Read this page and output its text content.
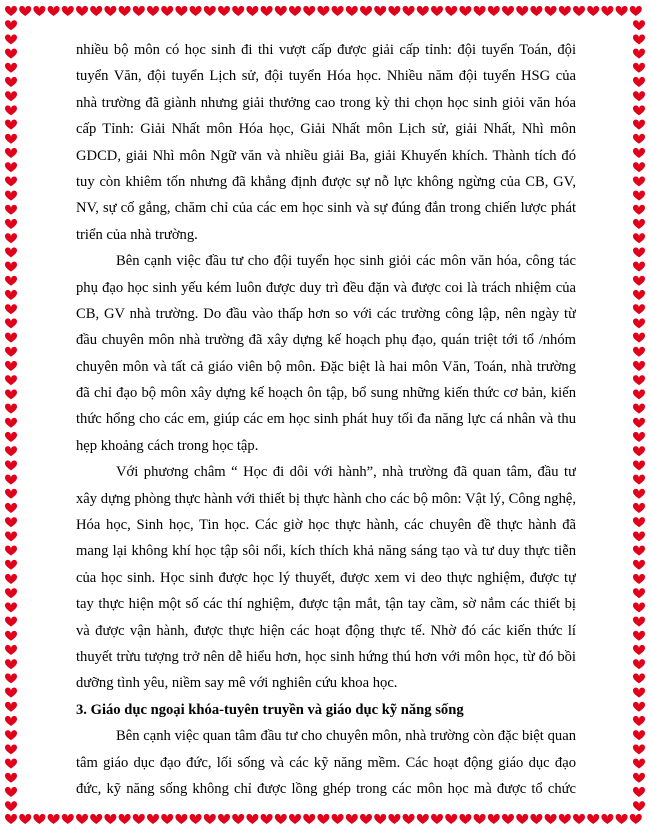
nhiều bộ môn có học sinh đi thi vượt cấp được giải cấp tỉnh: đội tuyển Toán, đội
tuyển Văn, đội tuyển Lịch sử, đội tuyển Hóa học. Nhiều năm đội tuyển HSG của
nhà trường đã giành nhưng giải thưởng cao trong kỳ thi chọn học sinh giỏi văn hóa
cấp Tỉnh: Giải Nhất môn Hóa học, Giải Nhất môn Lịch sử, giải Nhất, Nhì môn
GDCD, giải Nhì môn Ngữ văn và nhiều giải Ba, giải Khuyến khích. Thành tích đó
tuy còn khiêm tốn nhưng đã khẳng định được sự nỗ lực không ngừng của CB, GV,
NV, sự cố gắng, chăm chỉ của các em học sinh và sự đúng đắn trong chiến lược phát
triển của nhà trường.
Bên cạnh việc đầu tư cho đội tuyển học sinh giỏi các môn văn hóa, công tác
phụ đạo học sinh yếu kém luôn được duy trì đều đặn và được coi là trách nhiệm của
CB, GV nhà trường. Do đầu vào thấp hơn so với các trường công lập, nên ngày từ
đầu chuyên môn nhà trường đã xây dựng kế hoạch phụ đạo, quán triệt tới tổ /nhóm
chuyên môn và tất cả giáo viên bộ môn. Đặc biệt là hai môn Văn, Toán, nhà trường
đã chỉ đạo bộ môn xây dựng kế hoạch ôn tập, bổ sung những kiến thức cơ bản, kiến
thức hổng cho các em, giúp các em học sinh phát huy tối đa năng lực cá nhân và thu
hẹp khoảng cách trong học tập.
Với phương châm “ Học đi dôi với hành”, nhà trường đã quan tâm, đầu tư
xây dựng phòng thực hành với thiết bị thực hành cho các bộ môn: Vật lý, Công nghệ,
Hóa học, Sinh học, Tin học. Các giờ học thực hành, các chuyên đề thực hành đã
mang lại không khí học tập sôi nổi, kích thích khả năng sáng tạo và tư duy thực tiễn
của học sinh. Học sinh được học lý thuyết, được xem vi deo thực nghiệm, được tự
tay thực hiện một số các thí nghiệm, được tận mắt, tận tay cầm, sờ nắm các thiết bị
và được vận hành, được thực hiện các hoạt động thực tế. Nhờ đó các kiến thức lí
thuyết trừu tượng trở nên dễ hiểu hơn, học sinh hứng thú hơn với môn học, từ đó bồi
dưỡng tình yêu, niềm say mê với nghiên cứu khoa học.
3. Giáo dục ngoại khóa-tuyên truyền và giáo dục kỹ năng sống
Bên cạnh việc quan tâm đầu tư cho chuyên môn, nhà trường còn đặc biệt quan
tâm giáo dục đạo đức, lối sống và các kỹ năng mềm. Các hoạt động giáo dục đạo
đức, kỹ năng sống không chỉ được lồng ghép trong các môn học mà được tổ chức
